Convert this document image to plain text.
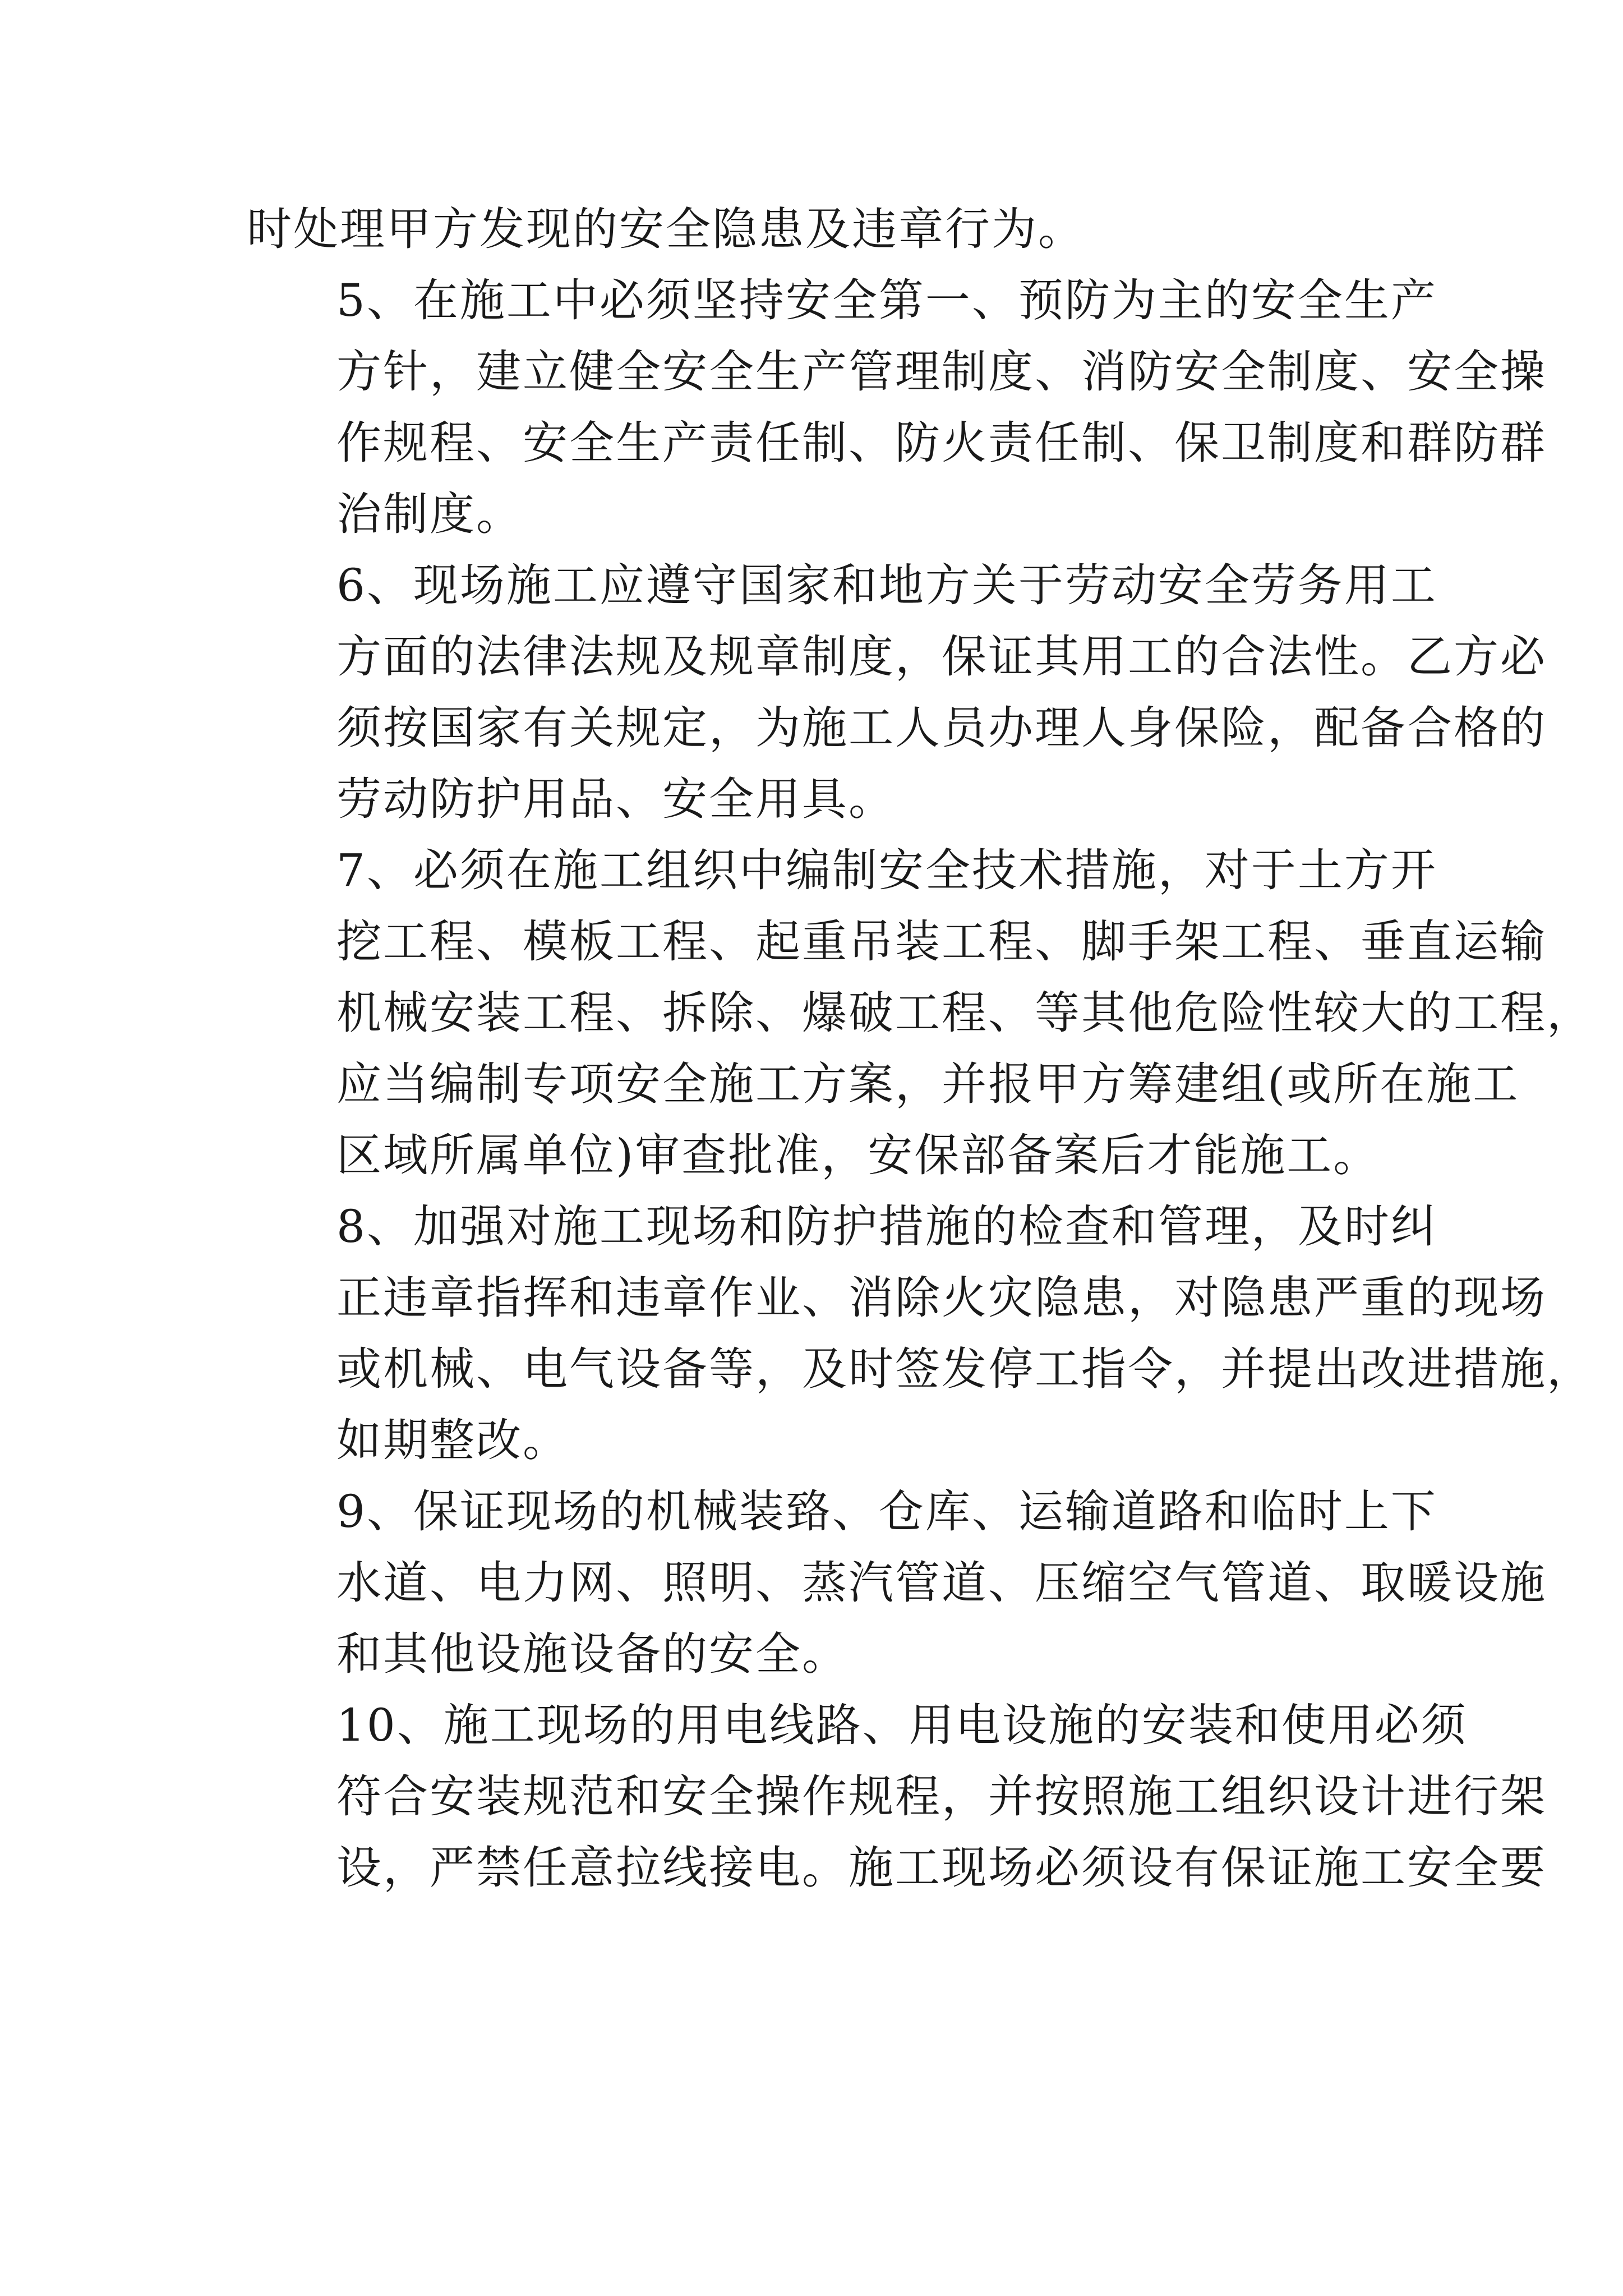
时处理甲方发现的安全隐患及违章行为。

5、在施工中必须坚持安全第一、预防为主的安全生产
方针，建立健全安全生产管理制度、消防安全制度、安全操
作规程、安全生产责任制、防火责任制、保卫制度和群防群
治制度。

6、现场施工应遵守国家和地方关于劳动安全劳务用工
方面的法律法规及规章制度，保证其用工的合法性。乙方必
须按国家有关规定，为施工人员办理人身保险，配备合格的
劳动防护用品、安全用具。

7、必须在施工组织中编制安全技术措施，对于土方开
挖工程、模板工程、起重吊装工程、脚手架工程、垂直运输
机械安装工程、拆除、爆破工程、等其他危险性较大的工程，
应当编制专项安全施工方案，并报甲方筹建组(或所在施工
区域所属单位)审查批准，安保部备案后才能施工。

8、加强对施工现场和防护措施的检查和管理，及时纠
正违章指挥和违章作业、消除火灾隐患，对隐患严重的现场
或机械、电气设备等，及时签发停工指令，并提出改进措施，
如期整改。

9、保证现场的机械装臵、仓库、运输道路和临时上下
水道、电力网、照明、蒸汽管道、压缩空气管道、取暖设施
和其他设施设备的安全。

10、施工现场的用电线路、用电设施的安装和使用必须
符合安装规范和安全操作规程，并按照施工组织设计进行架
设，严禁任意拉线接电。施工现场必须设有保证施工安全要
